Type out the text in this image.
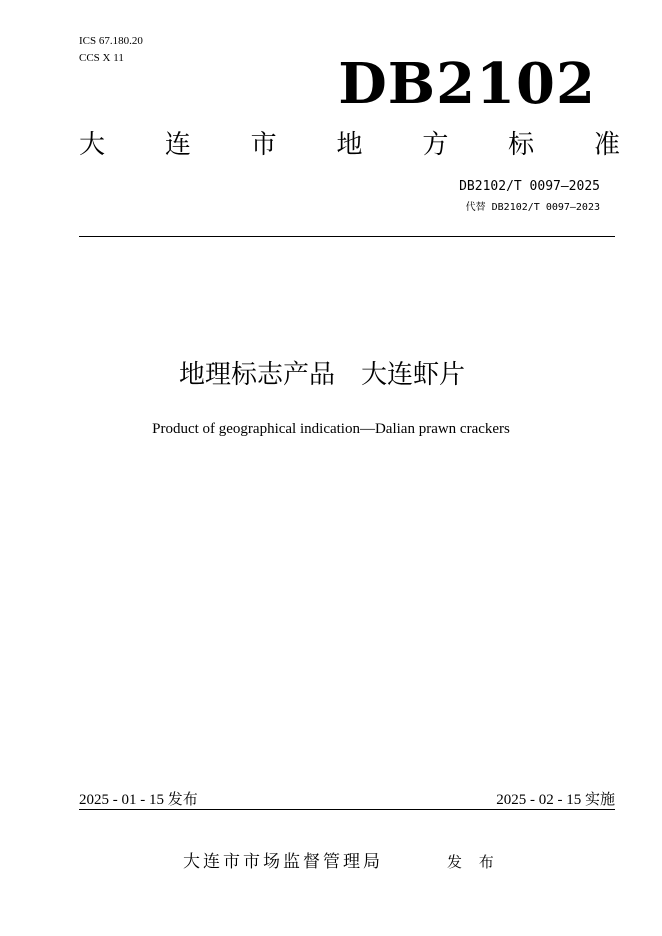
ICS 67.180.20
CCS X 11	DB2102
大 连 市 地 方 标 准
DB2102/T 0097—2025
代替 DB2102/T 0097—2023
地理标志产品　大连虾片
Product of geographical indication—Dalian prawn crackers
2025 - 01 - 15 发布	2025 - 02 - 15 实施
大连市市场监督管理局	发 布
